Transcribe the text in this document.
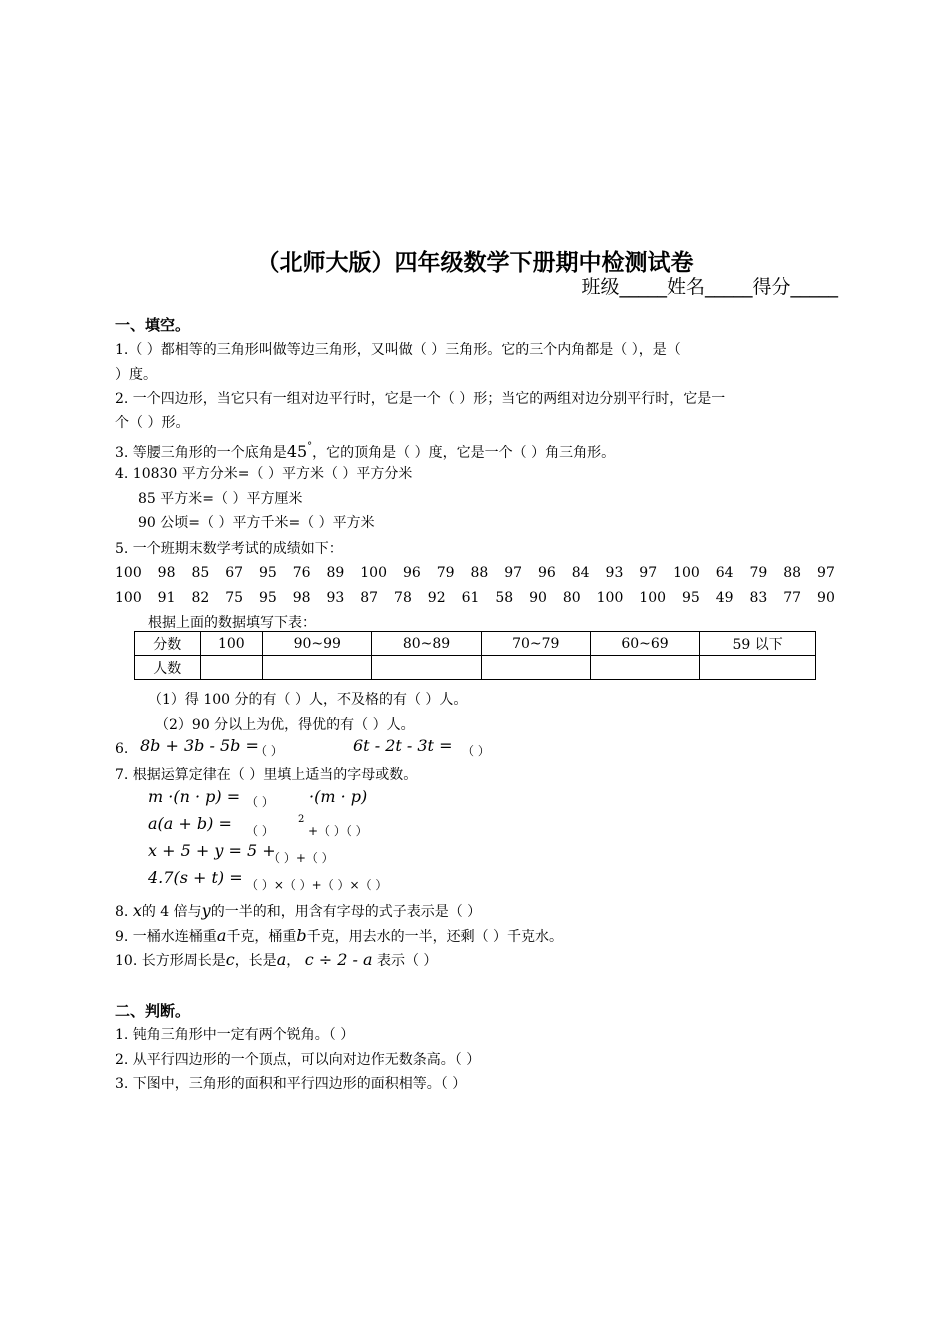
（北师大版）四年级数学下册期中检测试卷
班级_____姓名_____得分_____
一、填空。
1.（ ）都相等的三角形叫做等边三角形，又叫做（ ）三角形。它的三个内角都是（ ），是（
）度。
2. 一个四边形，当它只有一组对边平行时，它是一个（ ）形；当它的两组对边分别平行时，它是一
个（ ）形。
3. 等腰三角形的一个底角是45°，它的顶角是（ ）度，它是一个（ ）角三角形。
4. 10830 平方分米=（ ）平方米（ ）平方分米
85 平方米=（ ）平方厘米
90 公顷=（ ）平方千米=（ ）平方米
5. 一个班期末数学考试的成绩如下：
100 98 85 67 95 76 89 100 96 79 88 97 96 84 93 97 100 64 79 88 97
100 91 82 75 95 98 93 87 78 92 61 58 90 80 100 100 95 49 83 77 90
根据上面的数据填写下表：
分数	100	90~99	80~89	70~79	60~69	59 以下
人数						
（1）得 100 分的有（ ）人，不及格的有（ ）人。
（2）90 分以上为优，得优的有（ ）人。
6. 8b + 3b - 5b =
（ ）	6t - 2t - 3t = （ ）
7. 根据运算定律在（ ）里填上适当的字母或数。
m ·(n · p) = （ ） ·(m · p)
a(a + b) = （ ）
2
+（ ）（ ）
x + 5 + y = 5 +
（ ）+（ ）
4.7(s + t) = （ ）×（ ）+（ ）×（ ）
8. x的 4 倍与y的一半的和，用含有字母的式子表示是（ ）
9. 一桶水连桶重a千克，桶重b千克，用去水的一半，还剩（ ）千克水。
10. 长方形周长是c，长是a， c ÷ 2 - a 表示（ ）
二、判断。
1. 钝角三角形中一定有两个锐角。（ ）
2. 从平行四边形的一个顶点，可以向对边作无数条高。（ ）
3. 下图中，三角形的面积和平行四边形的面积相等。（ ）
